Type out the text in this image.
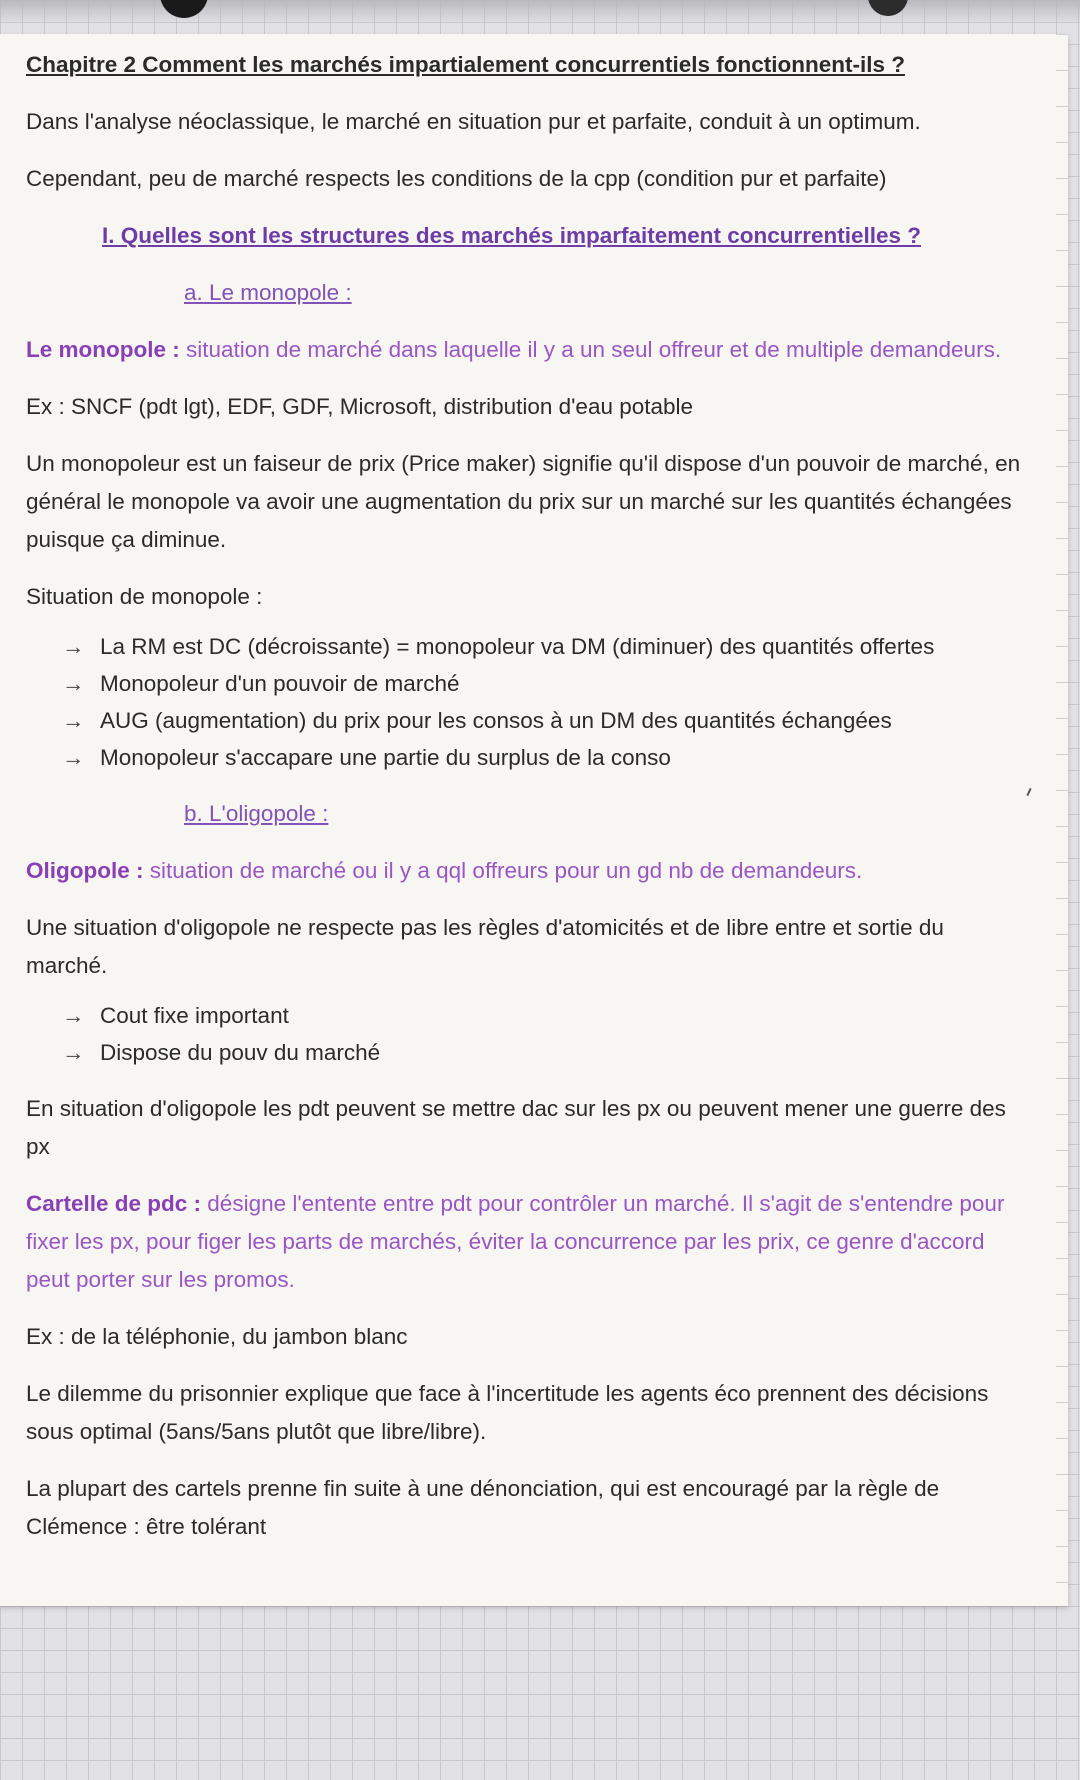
Chapitre 2 Comment les marchés impartialement concurrentiels fonctionnent-ils ?

Dans l'analyse néoclassique, le marché en situation pur et parfaite, conduit à un optimum.

Cependant, peu de marché respects les conditions de la cpp (condition pur et parfaite)

I. Quelles sont les structures des marchés imparfaitement concurrentielles ?

a. Le monopole :

Le monopole : situation de marché dans laquelle il y a un seul offreur et de multiple demandeurs.

Ex : SNCF (pdt lgt), EDF, GDF, Microsoft, distribution d'eau potable

Un monopoleur est un faiseur de prix (Price maker) signifie qu'il dispose d'un pouvoir de marché, en général le monopole va avoir une augmentation du prix sur un marché sur les quantités échangées puisque ça diminue.

Situation de monopole :

→ La RM est DC (décroissante) = monopoleur va DM (diminuer) des quantités offertes
→ Monopoleur d'un pouvoir de marché
→ AUG (augmentation) du prix pour les consos à un DM des quantités échangées
→ Monopoleur s'accapare une partie du surplus de la conso

b. L'oligopole :

Oligopole : situation de marché ou il y a qql offreurs pour un gd nb de demandeurs.

Une situation d'oligopole ne respecte pas les règles d'atomicités et de libre entre et sortie du marché.

→ Cout fixe important
→ Dispose du pouv du marché

En situation d'oligopole les pdt peuvent se mettre dac sur les px ou peuvent mener une guerre des px

Cartelle de pdc : désigne l'entente entre pdt pour contrôler un marché. Il s'agit de s'entendre pour fixer les px, pour figer les parts de marchés, éviter la concurrence par les prix, ce genre d'accord peut porter sur les promos.

Ex : de la téléphonie, du jambon blanc

Le dilemme du prisonnier explique que face à l'incertitude les agents éco prennent des décisions sous optimal (5ans/5ans plutôt que libre/libre).

La plupart des cartels prenne fin suite à une dénonciation, qui est encouragé par la règle de Clémence : être tolérant
